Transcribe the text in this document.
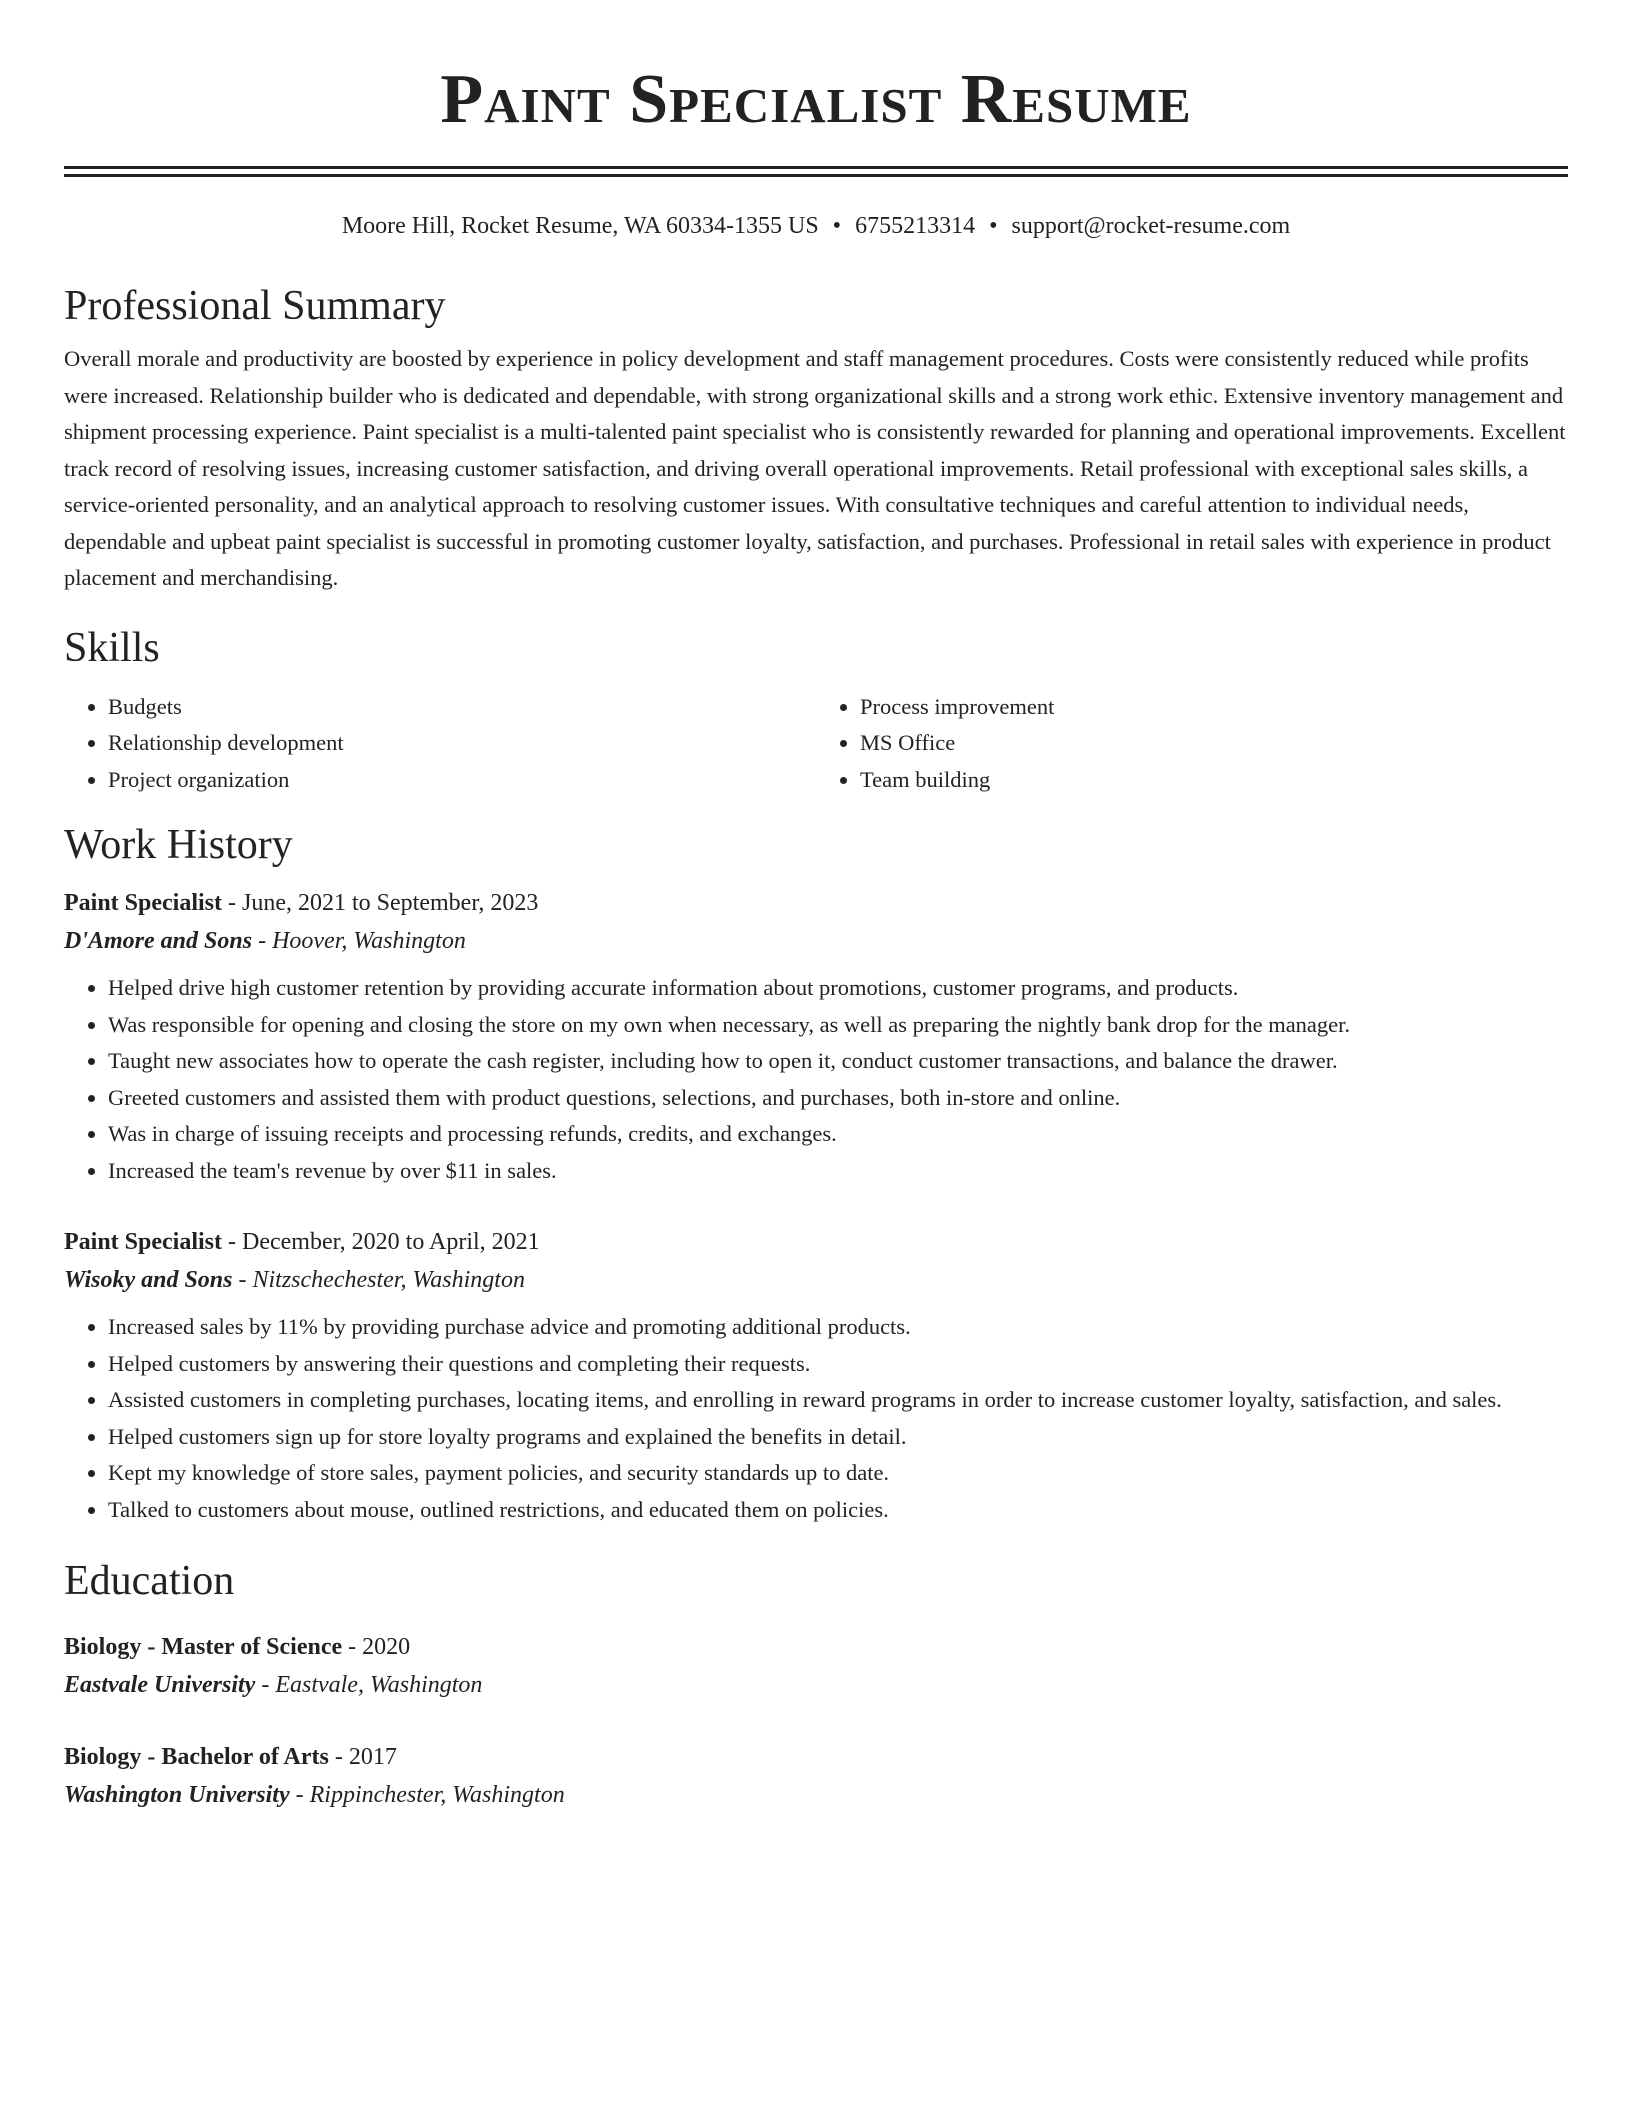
Paint Specialist Resume
Moore Hill, Rocket Resume, WA 60334-1355 US • 6755213314 • support@rocket-resume.com
Professional Summary

Overall morale and productivity are boosted by experience in policy development and staff management procedures. Costs were consistently reduced while profits were increased. Relationship builder who is dedicated and dependable, with strong organizational skills and a strong work ethic. Extensive inventory management and shipment processing experience. Paint specialist is a multi-talented paint specialist who is consistently rewarded for planning and operational improvements. Excellent track record of resolving issues, increasing customer satisfaction, and driving overall operational improvements. Retail professional with exceptional sales skills, a service-oriented personality, and an analytical approach to resolving customer issues. With consultative techniques and careful attention to individual needs, dependable and upbeat paint specialist is successful in promoting customer loyalty, satisfaction, and purchases. Professional in retail sales with experience in product placement and merchandising.

Skills
• Budgets
• Relationship development
• Project organization
• Process improvement
• MS Office
• Team building
Work History
Paint Specialist - June, 2021 to September, 2023
D'Amore and Sons - Hoover, Washington
• Helped drive high customer retention by providing accurate information about promotions, customer programs, and products.
• Was responsible for opening and closing the store on my own when necessary, as well as preparing the nightly bank drop for the manager.
• Taught new associates how to operate the cash register, including how to open it, conduct customer transactions, and balance the drawer.
• Greeted customers and assisted them with product questions, selections, and purchases, both in-store and online.
• Was in charge of issuing receipts and processing refunds, credits, and exchanges.
• Increased the team's revenue by over $11 in sales.
Paint Specialist - December, 2020 to April, 2021
Wisoky and Sons - Nitzschechester, Washington
• Increased sales by 11% by providing purchase advice and promoting additional products.
• Helped customers by answering their questions and completing their requests.
• Assisted customers in completing purchases, locating items, and enrolling in reward programs in order to increase customer loyalty, satisfaction, and sales.
• Helped customers sign up for store loyalty programs and explained the benefits in detail.
• Kept my knowledge of store sales, payment policies, and security standards up to date.
• Talked to customers about mouse, outlined restrictions, and educated them on policies.
Education
Biology - Master of Science - 2020
Eastvale University - Eastvale, Washington
Biology - Bachelor of Arts - 2017
Washington University - Rippinchester, Washington
